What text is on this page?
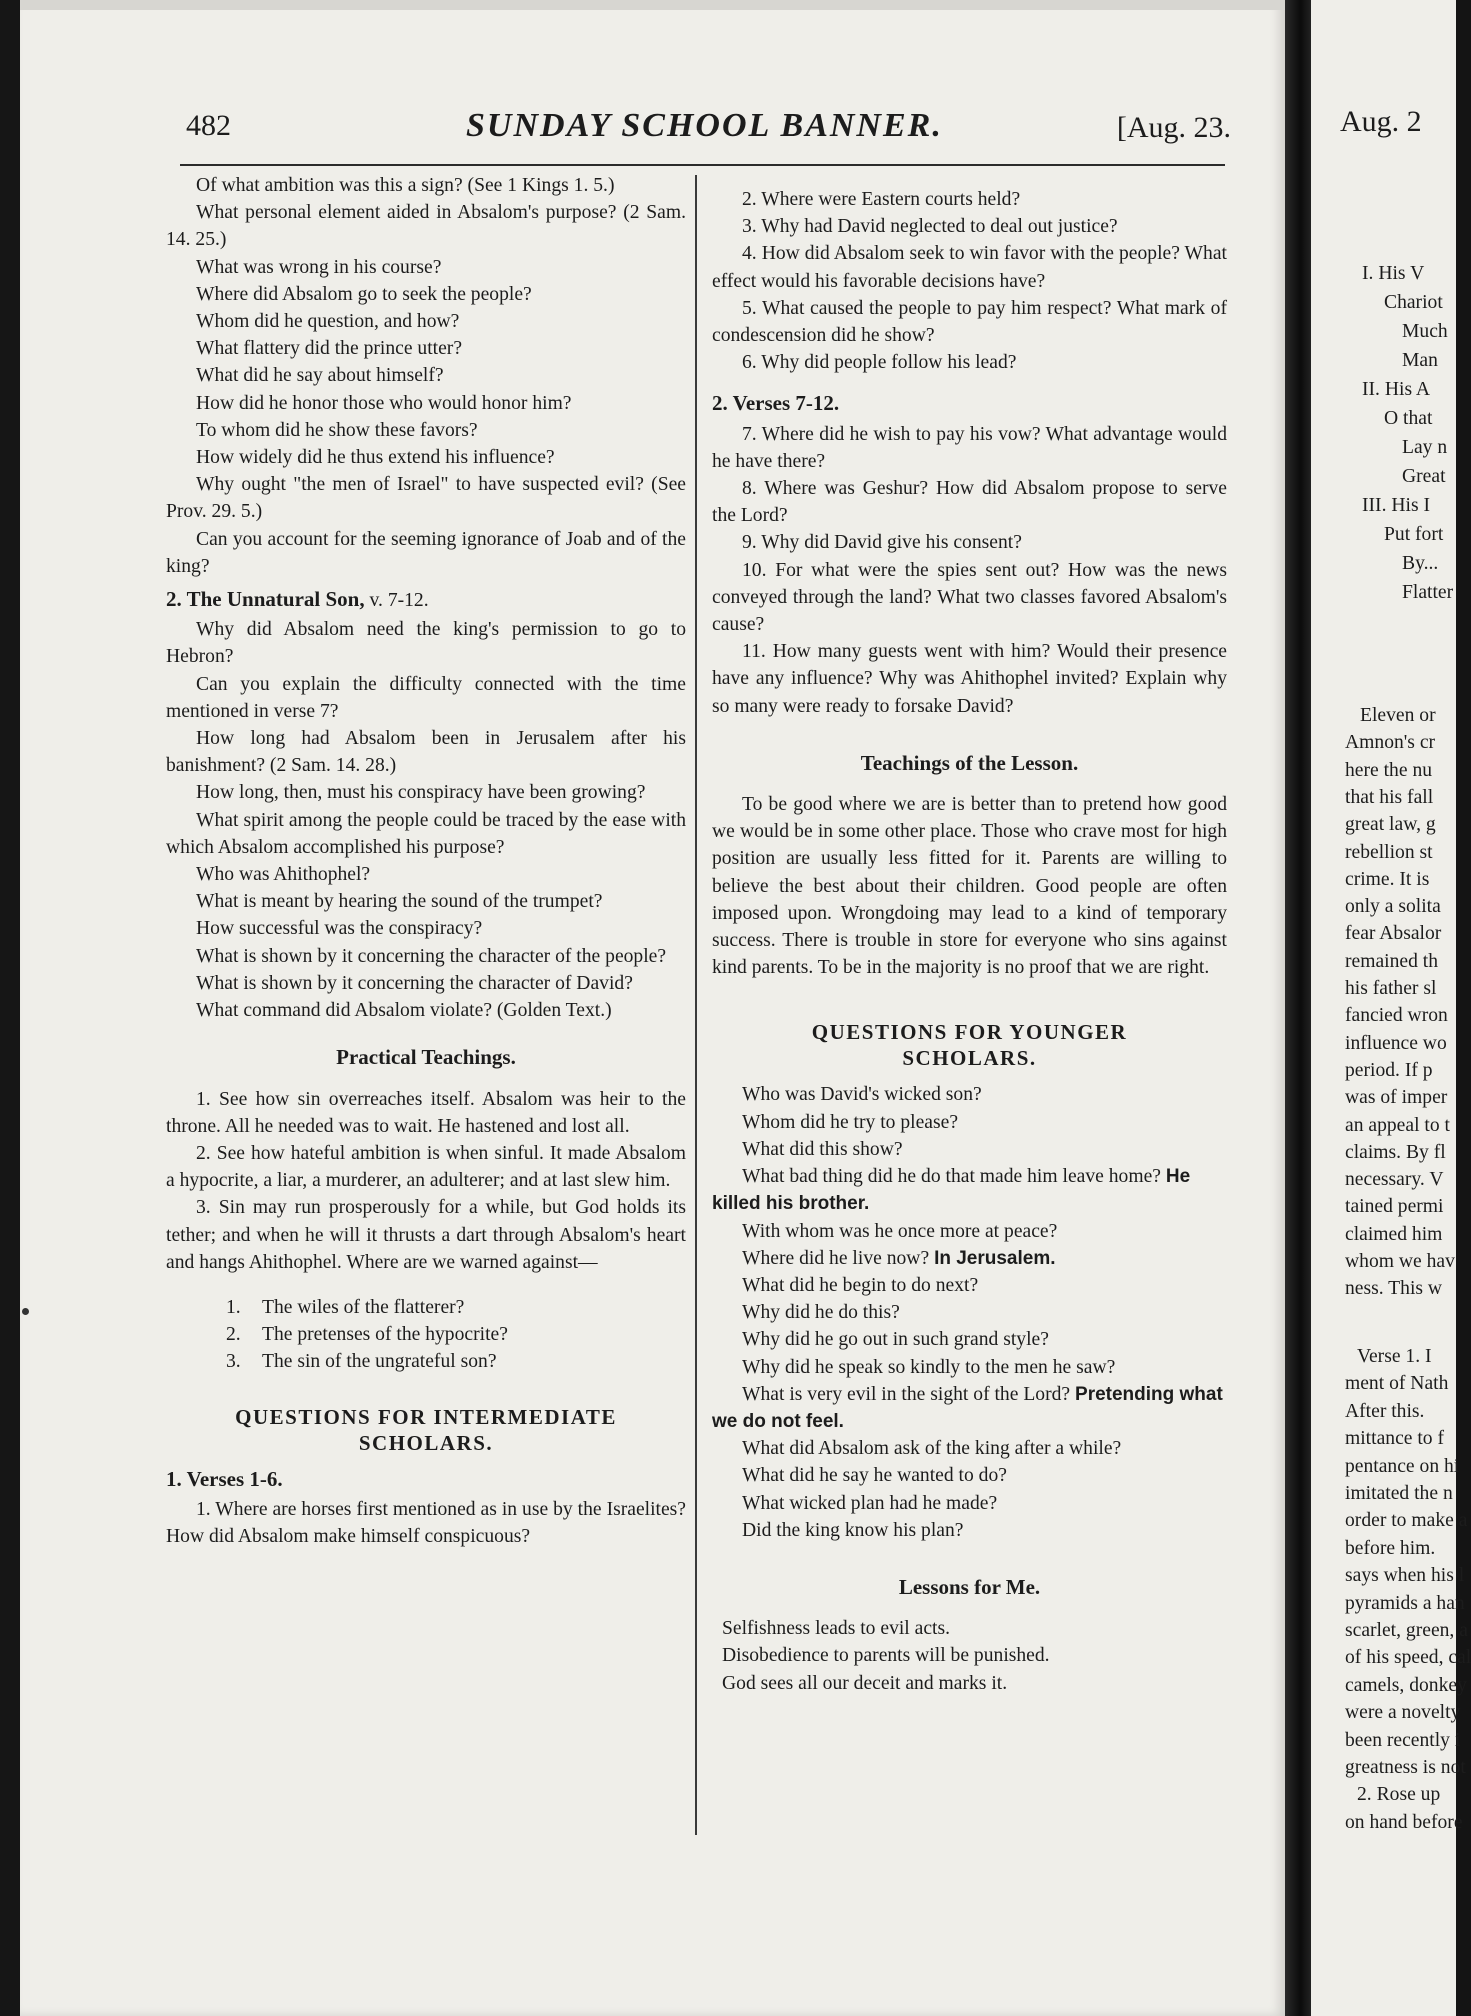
482	SUNDAY SCHOOL BANNER.	[Aug. 23.

Of what ambition was this a sign? (See 1 Kings 1. 5.)

What personal element aided in Absalom's purpose? (2 Sam. 14. 25.)

What was wrong in his course?

Where did Absalom go to seek the people?

Whom did he question, and how?

What flattery did the prince utter?

What did he say about himself?

How did he honor those who would honor him?

To whom did he show these favors?

How widely did he thus extend his influence?

Why ought "the men of Israel" to have suspected evil? (See Prov. 29. 5.)

Can you account for the seeming ignorance of Joab and of the king?

2. The Unnatural Son, v. 7-12.

Why did Absalom need the king's permission to go to Hebron?

Can you explain the difficulty connected with the time mentioned in verse 7?

How long had Absalom been in Jerusalem after his banishment? (2 Sam. 14. 28.)

How long, then, must his conspiracy have been growing?

What spirit among the people could be traced by the ease with which Absalom accomplished his purpose?

Who was Ahithophel?

What is meant by hearing the sound of the trumpet?

How successful was the conspiracy?

What is shown by it concerning the character of the people?

What is shown by it concerning the character of David?

What command did Absalom violate? (Golden Text.)

Practical Teachings.

1. See how sin overreaches itself. Absalom was heir to the throne. All he needed was to wait. He hastened and lost all.

2. See how hateful ambition is when sinful. It made Absalom a hypocrite, a liar, a murderer, an adulterer; and at last slew him.

3. Sin may run prosperously for a while, but God holds its tether; and when he will it thrusts a dart through Absalom's heart and hangs Ahithophel. Where are we warned against—

1. The wiles of the flatterer?
2. The pretenses of the hypocrite?
3. The sin of the ungrateful son?
QUESTIONS FOR INTERMEDIATE SCHOLARS.
1. Verses 1-6.

1. Where are horses first mentioned as in use by the Israelites? How did Absalom make himself conspicuous?

2. Where were Eastern courts held?

3. Why had David neglected to deal out justice?

4. How did Absalom seek to win favor with the people? What effect would his favorable decisions have?

5. What caused the people to pay him respect? What mark of condescension did he show?

6. Why did people follow his lead?

2. Verses 7-12.

7. Where did he wish to pay his vow? What advantage would he have there?

8. Where was Geshur? How did Absalom propose to serve the Lord?

9. Why did David give his consent?

10. For what were the spies sent out? How was the news conveyed through the land? What two classes favored Absalom's cause?

11. How many guests went with him? Would their presence have any influence? Why was Ahithophel invited? Explain why so many were ready to forsake David?

Teachings of the Lesson.

To be good where we are is better than to pretend how good we would be in some other place. Those who crave most for high position are usually less fitted for it. Parents are willing to believe the best about their children. Good people are often imposed upon. Wrongdoing may lead to a kind of temporary success. There is trouble in store for everyone who sins against kind parents. To be in the majority is no proof that we are right.

QUESTIONS FOR YOUNGER SCHOLARS.

Who was David's wicked son?

Whom did he try to please?

What did this show?

What bad thing did he do that made him leave home? He killed his brother.

With whom was he once more at peace?

Where did he live now? In Jerusalem.

What did he begin to do next?

Why did he do this?

Why did he go out in such grand style?

Why did he speak so kindly to the men he saw?

What is very evil in the sight of the Lord? Pretending what we do not feel.

What did Absalom ask of the king after a while?

What did he say he wanted to do?

What wicked plan had he made?

Did the king know his plan?

Lessons for Me.

Selfishness leads to evil acts.

Disobedience to parents will be punished.

God sees all our deceit and marks it.

Aug. 2
I. His V
Chariot
Much
Man
II. His A
O that
Lay n
Great
III. His I
Put fort
By...
Flatter
Eleven or
Amnon's cr
here the nu
that his fall
great law, g
rebellion st
crime. It is
only a solita
fear Absalor
remained th
his father sl
fancied wron
influence wo
period. If p
was of imper
an appeal to t
claims. By fl
necessary. V
tained permi
claimed him
whom we hav
ness. This w
Verse 1. I
ment of Nath
After this.
mittance to f
pentance on hi
imitated the n
order to make a
before him.
says when his l
pyramids a han
scarlet, green, a
of his speed, cal
camels, donkey
were a novelty
been recently i
greatness is not
2. Rose up
on hand before
